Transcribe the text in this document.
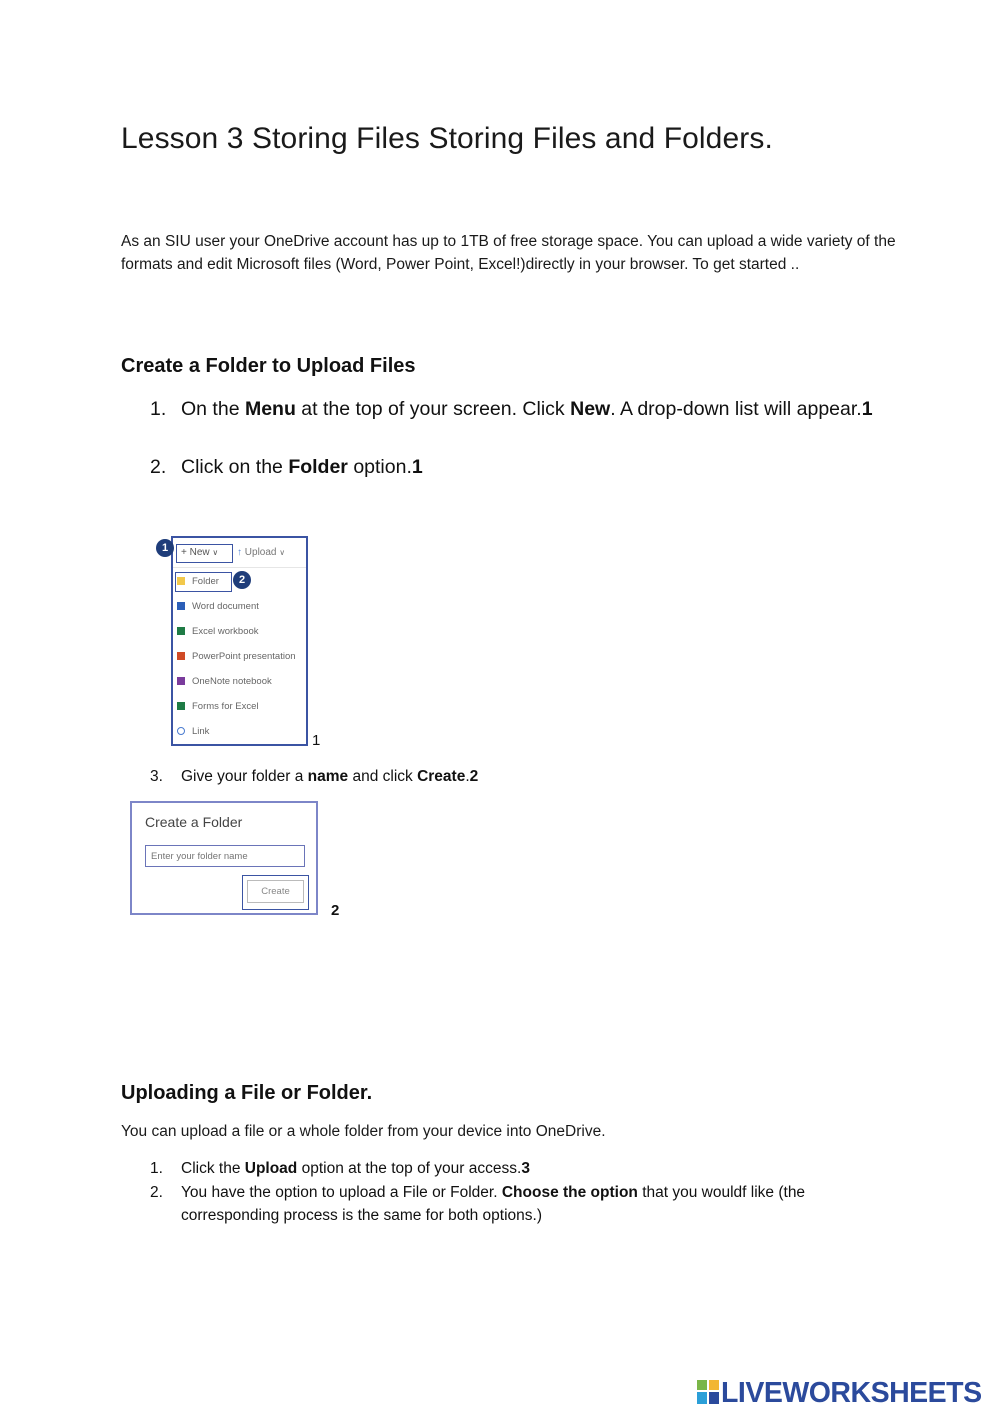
Lesson 3 Storing Files Storing Files and Folders.
As an SIU user your OneDrive account has up to 1TB of free storage space. You can upload a wide variety of the formats and edit Microsoft files (Word, Power Point, Excel!)directly in your browser. To get started ..
Create a Folder to Upload Files
1. On the Menu at the top of your screen. Click New. A drop-down list will appear.1
2. Click on the Folder option.1
+ New ∨	↑ Upload ∨
Folder
Word document
Excel workbook
PowerPoint presentation
OneNote notebook
Forms for Excel
Link
1
2
1
3. Give your folder a name and click Create.2
Create a Folder
Enter your folder name
Create
2
Uploading a File or Folder.
You can upload a file or a whole folder from your device into OneDrive.
1. Click the Upload option at the top of your access.3
2. You have the option to upload a File or Folder. Choose the option that you wouldf like (the corresponding process is the same for both options.)
LIVEWORKSHEETS
